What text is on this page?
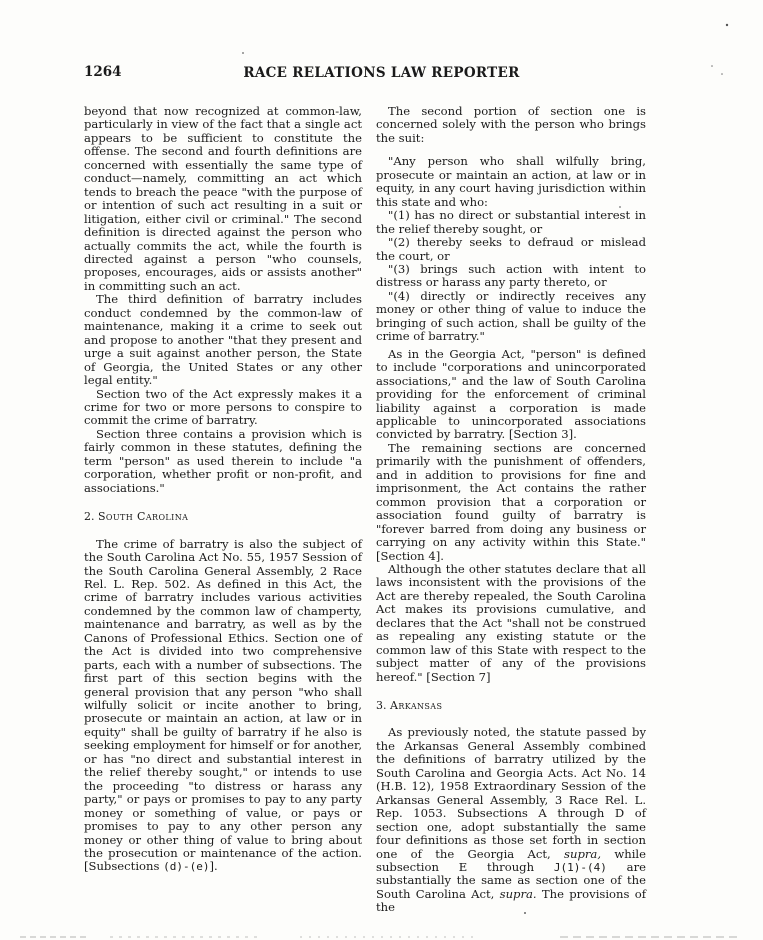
1264	RACE RELATIONS LAW REPORTER

beyond that now recognized at common-law, particularly in view of the fact that a single act appears to be sufficient to constitute the offense. The second and fourth definitions are concerned with essentially the same type of conduct—namely, committing an act which tends to breach the peace "with the purpose of or intention of such act resulting in a suit or litigation, either civil or criminal." The second definition is directed against the person who actually commits the act, while the fourth is directed against a person "who counsels, proposes, encourages, aids or assists another" in committing such an act.

The third definition of barratry includes conduct condemned by the common-law of maintenance, making it a crime to seek out and propose to another "that they present and urge a suit against another person, the State of Georgia, the United States or any other legal entity."

Section two of the Act expressly makes it a crime for two or more persons to conspire to commit the crime of barratry.

Section three contains a provision which is fairly common in these statutes, defining the term "person" as used therein to include "a corporation, whether profit or non-profit, and associations."

2. South Carolina

The crime of barratry is also the subject of the South Carolina Act No. 55, 1957 Session of the South Carolina General Assembly, 2 Race Rel. L. Rep. 502. As defined in this Act, the crime of barratry includes various activities condemned by the common law of champerty, maintenance and barratry, as well as by the Canons of Professional Ethics. Section one of the Act is divided into two comprehensive parts, each with a number of subsections. The first part of this section begins with the general provision that any person "who shall wilfully solicit or incite another to bring, prosecute or maintain an action, at law or in equity" shall be guilty of barratry if he also is seeking employment for himself or for another, or has "no direct and substantial interest in the relief thereby sought," or intends to use the proceeding "to distress or harass any party," or pays or promises to pay to any party money or something of value, or pays or promises to pay to any other person any money or other thing of value to bring about the prosecution or maintenance of the action. [Subsections (d)-(e)].

The second portion of section one is concerned solely with the person who brings the suit:

"Any person who shall wilfully bring, prosecute or maintain an action, at law or in equity, in any court having jurisdiction within this state and who:

"(1) has no direct or substantial interest in the relief thereby sought, or

"(2) thereby seeks to defraud or mislead the court, or

"(3) brings such action with intent to distress or harass any party thereto, or

"(4) directly or indirectly receives any money or other thing of value to induce the bringing of such action, shall be guilty of the crime of barratry."

As in the Georgia Act, "person" is defined to include "corporations and unincorporated associations," and the law of South Carolina providing for the enforcement of criminal liability against a corporation is made applicable to unincorporated associations convicted by barratry. [Section 3].

The remaining sections are concerned primarily with the punishment of offenders, and in addition to provisions for fine and imprisonment, the Act contains the rather common provision that a corporation or association found guilty of barratry is "forever barred from doing any business or carrying on any activity within this State." [Section 4].

Although the other statutes declare that all laws inconsistent with the provisions of the Act are thereby repealed, the South Carolina Act makes its provisions cumulative, and declares that the Act "shall not be construed as repealing any existing statute or the common law of this State with respect to the subject matter of any of the provisions hereof." [Section 7]

3. Arkansas

As previously noted, the statute passed by the Arkansas General Assembly combined the definitions of barratry utilized by the South Carolina and Georgia Acts. Act No. 14 (H.B. 12), 1958 Extraordinary Session of the Arkansas General Assembly, 3 Race Rel. L. Rep. 1053. Subsections A through D of section one, adopt substantially the same four definitions as those set forth in section one of the Georgia Act, supra, while subsection E through J(1)-(4) are substantially the same as section one of the South Carolina Act, supra. The provisions of the
